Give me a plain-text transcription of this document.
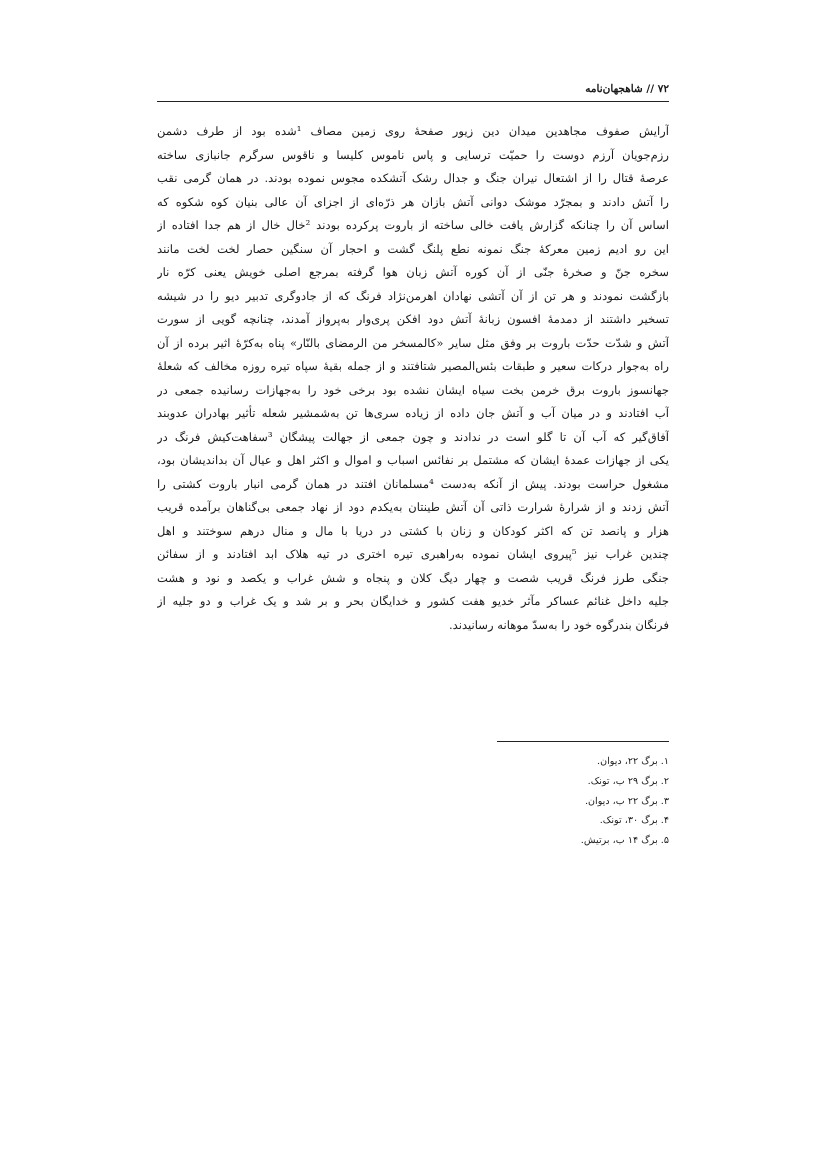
۷۲ // شاهجهان‌نامه
آرایش صفوف مجاهدین میدان دین زیور صفحهٔ روی زمین مصاف ¹شده بود از طرف دشمن
رزم‌جویان آرزم دوست را حمیّت ترسایی و پاس ناموس کلیسا و ناقوس سرگرم جانبازی ساخته
عرصهٔ قتال را از اشتعال نیران جنگ و جدال رشک آتشکده مجوس نموده بودند. در همان گرمی نقب
را آتش دادند و بمجرّد موشک دوانی آتش بازان هر ذرّه‌ای از اجزای آن عالی بنیان کوه شکوه که
اساس آن را چنانکه گزارش یافت خالی ساخته از باروت پرکرده بودند ²خال خال از هم جدا افتاده از
این رو ادیم زمین معرکهٔ جنگ نمونه نطع پلنگ گشت و احجار آن سنگین حصار لخت لخت مانند
سخره جنّ و صخرهٔ جنّی از آن کوره آتش زبان هوا گرفته بمرجع اصلی خویش یعنی کرّه نار
بازگشت نمودند و هر تن از آن آتشی نهادان اهرمن‌نژاد فرنگ که از جادوگری تدبیر دیو را در شیشه
تسخیر داشتند از دمدمهٔ افسون زبانهٔ آتش دود افکن پری‌وار به‌پرواز آمدند، چنانچه گویی از سورت
آتش و شدّت حدّت باروت بر وفق مثل سایر «کالمسخر من الرمضای بالنّار» پناه به‌کرّهٔ اثیر برده از آن
راه به‌جوار درکات سعیر و طبقات بئس‌المصیر شتافتند و از جمله بقیهٔ سپاه تیره روزه مخالف که شعلهٔ
جهانسوز باروت برق خرمن بخت سیاه ایشان نشده بود برخی خود را به‌جهازات رسانیده جمعی در
آب افتادند و در میان آب و آتش جان داده از زیاده سری‌ها تن به‌شمشیر شعله تأثیر بهادران عدوبند
آفاق‌گیر که آب آن تا گلو است در ندادند و چون جمعی از جهالت پیشگان ³سفاهت‌کیش فرنگ در
یکی از جهازات عمدهٔ ایشان که مشتمل بر نفائس اسباب و اموال و اکثر اهل و عیال آن بداندیشان بود،
مشغول حراست بودند. پیش از آنکه به‌دست ⁴مسلمانان افتند در همان گرمی انبار باروت کشتی را
آتش زدند و از شرارهٔ شرارت ذاتی آن آتش طینتان به‌یکدم دود از نهاد جمعی بی‌گناهان برآمده قریب
هزار و پانصد تن که اکثر کودکان و زنان با کشتی در دریا با مال و منال درهم سوختند و اهل
چندین غراب نیز ⁵پیروی ایشان نموده به‌راهبری تیره اختری در تیه هلاک ابد افتادند و از سفائن
جنگی طرز فرنگ قریب شصت و چهار دیگ کلان و پنجاه و شش غراب و یکصد و نود و هشت
جلیه داخل غنائم عساکر مآثر خدیو هفت کشور و خدایگان بحر و بر شد و یک غراب و دو جلیه از
فرنگان بندرگوه خود را به‌سدّ موهانه رسانیدند.
۱. برگ ۲۲، دیوان.
۲. برگ ۲۹ ب، تونک.
۳. برگ ۲۲ ب، دیوان.
۴. برگ ۳۰، تونک.
۵. برگ ۱۴ ب، برتیش.
